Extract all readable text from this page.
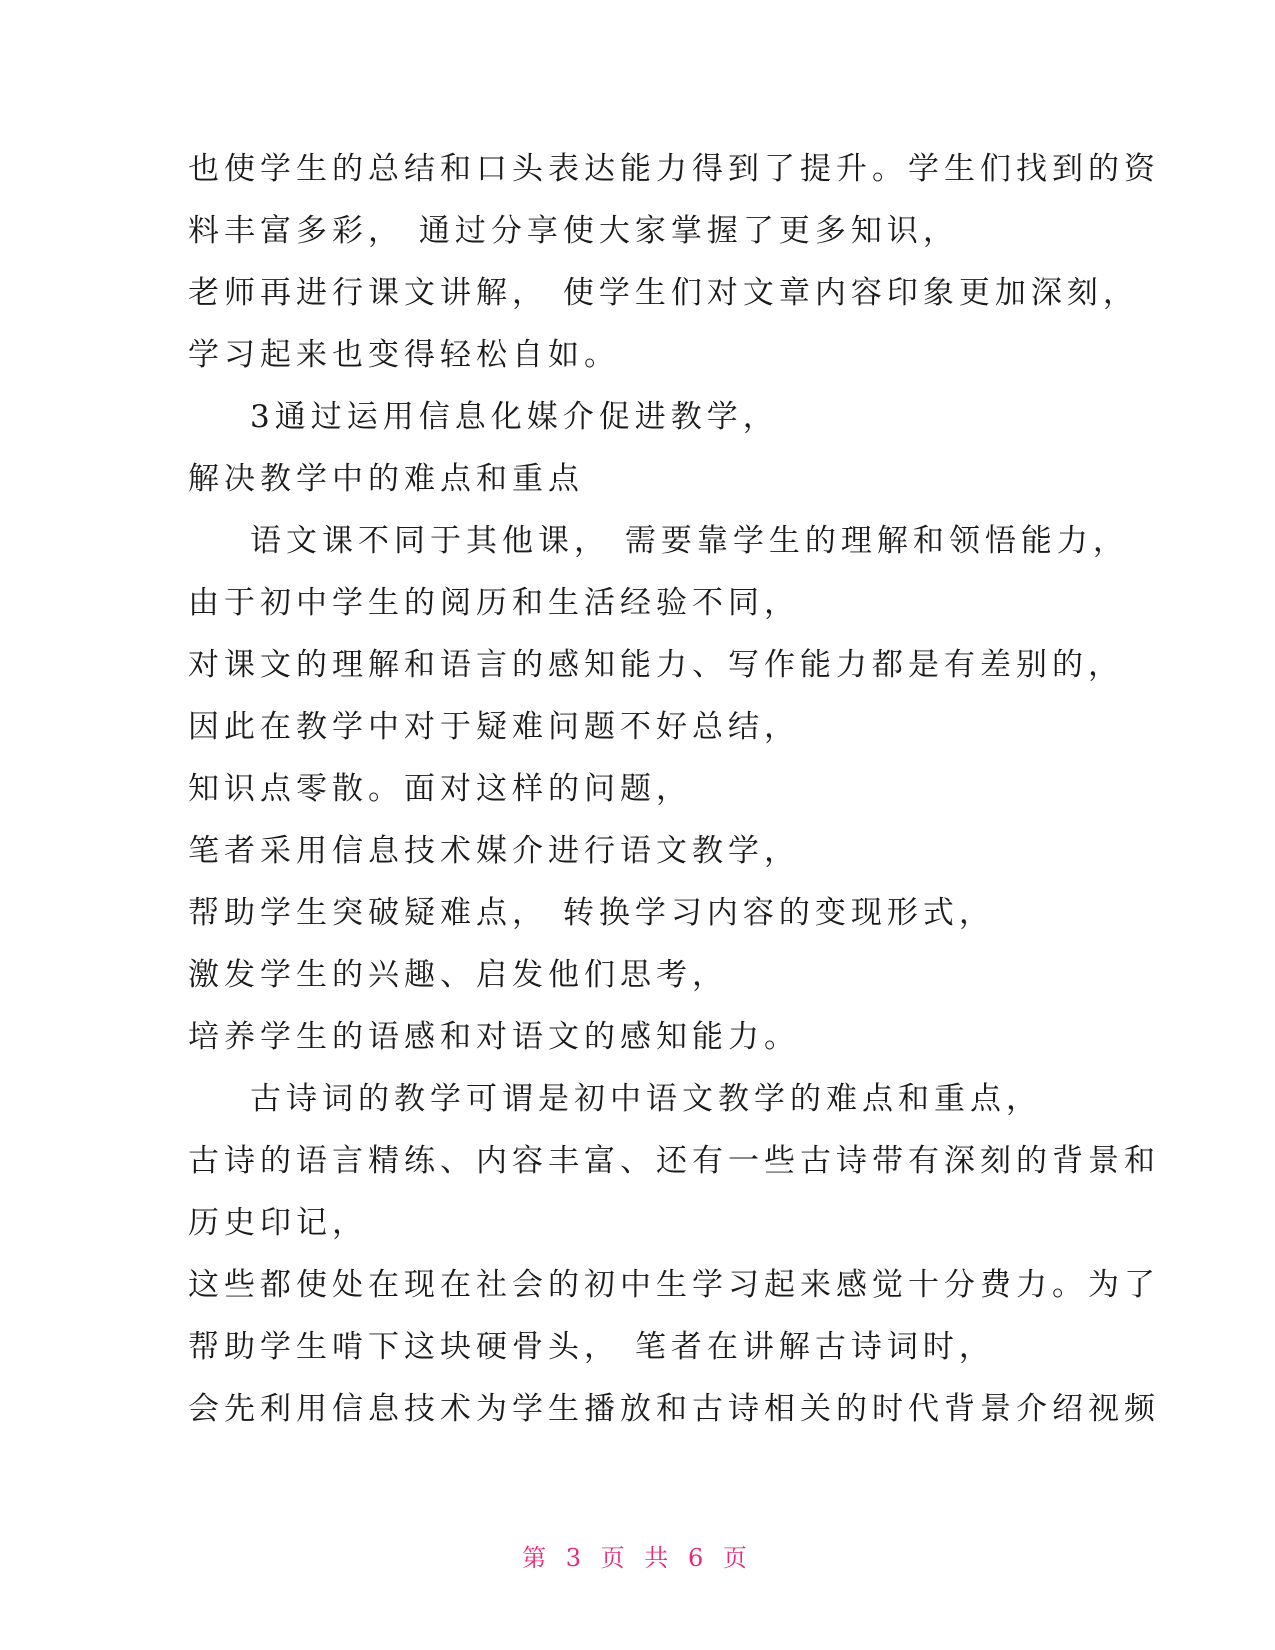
也使学生的总结和口头表达能力得到了提升。学生们找到的资
料丰富多彩， 通过分享使大家掌握了更多知识，
老师再进行课文讲解， 使学生们对文章内容印象更加深刻，
学习起来也变得轻松自如。
3通过运用信息化媒介促进教学，
解决教学中的难点和重点
语文课不同于其他课， 需要靠学生的理解和领悟能力，
由于初中学生的阅历和生活经验不同，
对课文的理解和语言的感知能力、写作能力都是有差别的，
因此在教学中对于疑难问题不好总结，
知识点零散。面对这样的问题，
笔者采用信息技术媒介进行语文教学，
帮助学生突破疑难点， 转换学习内容的变现形式，
激发学生的兴趣、启发他们思考，
培养学生的语感和对语文的感知能力。
古诗词的教学可谓是初中语文教学的难点和重点，
古诗的语言精练、内容丰富、还有一些古诗带有深刻的背景和
历史印记，
这些都使处在现在社会的初中生学习起来感觉十分费力。为了
帮助学生啃下这块硬骨头， 笔者在讲解古诗词时，
会先利用信息技术为学生播放和古诗相关的时代背景介绍视频
第 3 页 共 6 页
